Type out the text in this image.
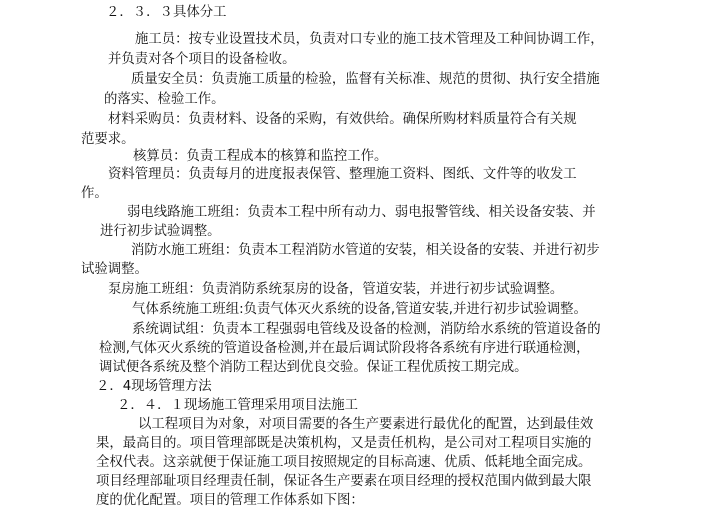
２．３．３具体分工
施工员：按专业设置技术员，负责对口专业的施工技术管理及工种间协调工作，
并负责对各个项目的设备检收。
质量安全员：负责施工质量的检验，监督有关标准、规范的贯彻、执行安全措施
的落实、检验工作。
材料采购员：负责材料、设备的采购，有效供给。确保所购材料质量符合有关规
范要求。
核算员：负责工程成本的核算和监控工作。
资料管理员：负责每月的进度报表保管、整理施工资料、图纸、文件等的收发工
作。
弱电线路施工班组：负责本工程中所有动力、弱电报警管线、相关设备安装、并
进行初步试验调整。
消防水施工班组：负责本工程消防水管道的安装，相关设备的安装、并进行初步
试验调整。
泵房施工班组：负责消防系统泵房的设备，管道安装，并进行初步试验调整。
气体系统施工班组:负责气体灭火系统的设备,管道安装,并进行初步试验调整。
系统调试组：负责本工程强弱电管线及设备的检测，消防给水系统的管道设备的
检测,气体灭火系统的管道设备检测,并在最后调试阶段将各系统有序进行联通检测，
调试便各系统及整个消防工程达到优良交验。保证工程优质按工期完成。
２．4现场管理方法
２．４．１现场施工管理采用项目法施工
以工程项目为对象，对项目需要的各生产要素进行最优化的配置，达到最佳效
果，最高目的。项目管理部既是决策机构，又是责任机构，是公司对工程项目实施的
全权代表。这亲就便于保证施工项目按照规定的目标高速、优质、低耗地全面完成。
项目经理部耻项目经理责任制，保证各生产要素在项目经理的授权范围内做到最大限
度的优化配置。项目的管理工作体系如下图：
